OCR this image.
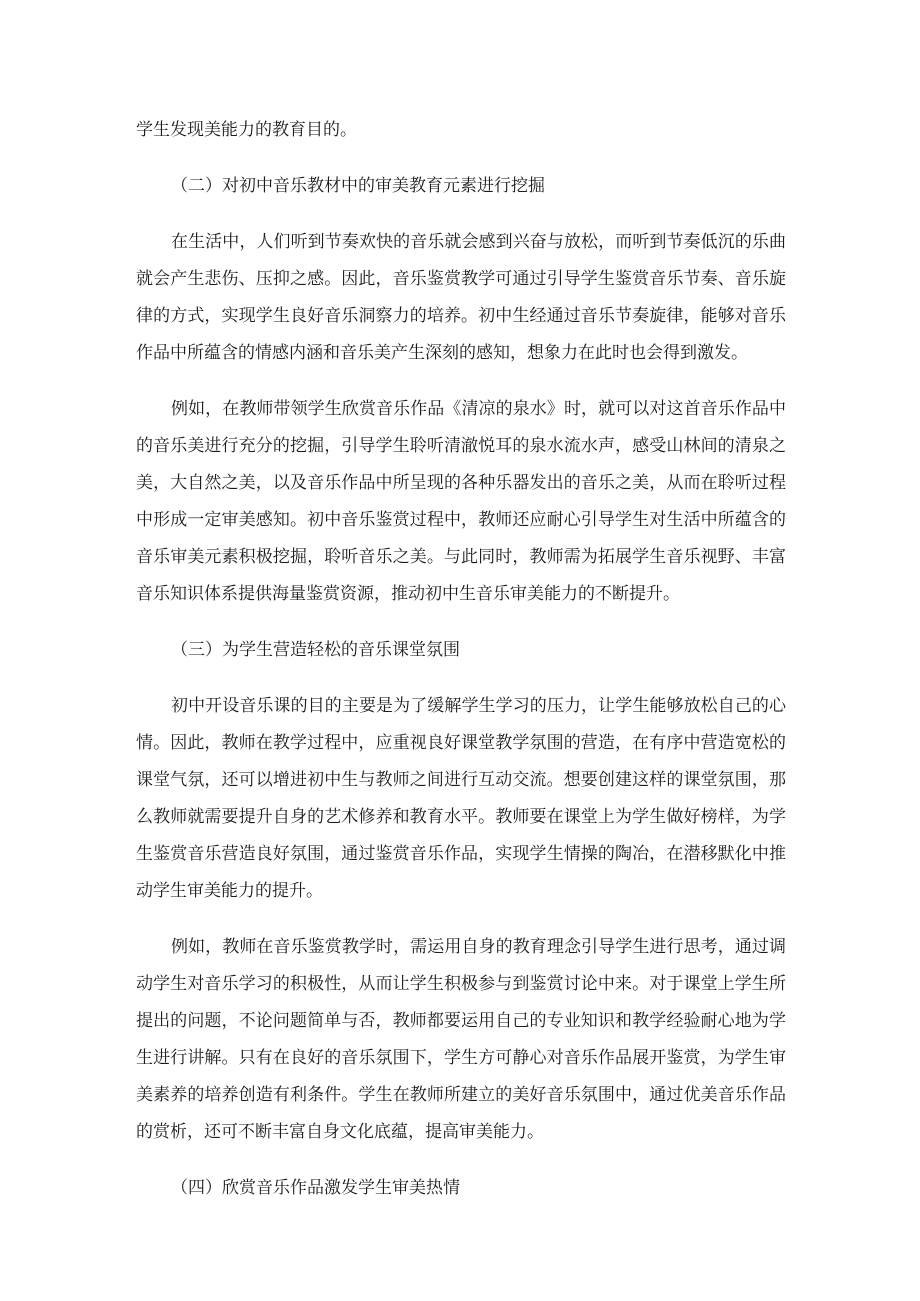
学生发现美能力的教育目的。
（二）对初中音乐教材中的审美教育元素进行挖掘
在生活中，人们听到节奏欢快的音乐就会感到兴奋与放松，而听到节奏低沉的乐曲
就会产生悲伤、压抑之感。因此，音乐鉴赏教学可通过引导学生鉴赏音乐节奏、音乐旋
律的方式，实现学生良好音乐洞察力的培养。初中生经通过音乐节奏旋律，能够对音乐
作品中所蕴含的情感内涵和音乐美产生深刻的感知，想象力在此时也会得到激发。
例如，在教师带领学生欣赏音乐作品《清凉的泉水》时，就可以对这首音乐作品中
的音乐美进行充分的挖掘，引导学生聆听清澈悦耳的泉水流水声，感受山林间的清泉之
美，大自然之美，以及音乐作品中所呈现的各种乐器发出的音乐之美，从而在聆听过程
中形成一定审美感知。初中音乐鉴赏过程中，教师还应耐心引导学生对生活中所蕴含的
音乐审美元素积极挖掘，聆听音乐之美。与此同时，教师需为拓展学生音乐视野、丰富
音乐知识体系提供海量鉴赏资源，推动初中生音乐审美能力的不断提升。
（三）为学生营造轻松的音乐课堂氛围
初中开设音乐课的目的主要是为了缓解学生学习的压力，让学生能够放松自己的心
情。因此，教师在教学过程中，应重视良好课堂教学氛围的营造，在有序中营造宽松的
课堂气氛，还可以增进初中生与教师之间进行互动交流。想要创建这样的课堂氛围，那
么教师就需要提升自身的艺术修养和教育水平。教师要在课堂上为学生做好榜样，为学
生鉴赏音乐营造良好氛围，通过鉴赏音乐作品，实现学生情操的陶冶，在潜移默化中推
动学生审美能力的提升。
例如，教师在音乐鉴赏教学时，需运用自身的教育理念引导学生进行思考，通过调
动学生对音乐学习的积极性，从而让学生积极参与到鉴赏讨论中来。对于课堂上学生所
提出的问题，不论问题简单与否，教师都要运用自己的专业知识和教学经验耐心地为学
生进行讲解。只有在良好的音乐氛围下，学生方可静心对音乐作品展开鉴赏，为学生审
美素养的培养创造有利条件。学生在教师所建立的美好音乐氛围中，通过优美音乐作品
的赏析，还可不断丰富自身文化底蕴，提高审美能力。
（四）欣赏音乐作品激发学生审美热情
